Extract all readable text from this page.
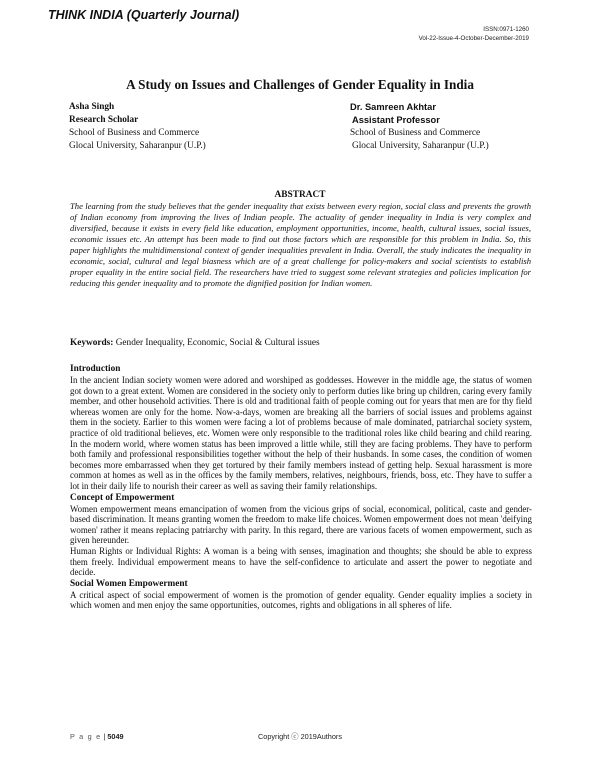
THINK INDIA (Quarterly Journal)
ISSN:0971-1260
Vol-22-Issue-4-October-December-2019
A Study on Issues and Challenges of Gender Equality in India
Asha Singh
Research Scholar
School of Business and Commerce
Glocal University, Saharanpur (U.P.)
Dr. Samreen Akhtar
Assistant Professor
School of Business and Commerce
Glocal University, Saharanpur (U.P.)
ABSTRACT

The learning from the study believes that the gender inequality that exists between every region, social class and prevents the growth of Indian economy from improving the lives of Indian people. The actuality of gender inequality in India is very complex and diversified, because it exists in every field like education, employment opportunities, income, health, cultural issues, social issues, economic issues etc. An attempt has been made to find out those factors which are responsible for this problem in India. So, this paper highlights the multidimensional context of gender inequalities prevalent in India. Overall, the study indicates the inequality in economic, social, cultural and legal biasness which are of a great challenge for policy-makers and social scientists to establish proper equality in the entire social field. The researchers have tried to suggest some relevant strategies and policies implication for reducing this gender inequality and to promote the dignified position for Indian women.

Keywords: Gender Inequality, Economic, Social & Cultural issues
Introduction

In the ancient Indian society women were adored and worshiped as goddesses. However in the middle age, the status of women got down to a great extent. Women are considered in the society only to perform duties like bring up children, caring every family member, and other household activities. There is old and traditional faith of people coming out for years that men are for thy field whereas women are only for the home. Now-a-days, women are breaking all the barriers of social issues and problems against them in the society. Earlier to this women were facing a lot of problems because of male dominated, patriarchal society system, practice of old traditional believes, etc. Women were only responsible to the traditional roles like child bearing and child rearing. In the modern world, where women status has been improved a little while, still they are facing problems. They have to perform both family and professional responsibilities together without the help of their husbands. In some cases, the condition of women becomes more embarrassed when they get tortured by their family members instead of getting help. Sexual harassment is more common at homes as well as in the offices by the family members, relatives, neighbours, friends, boss, etc. They have to suffer a lot in their daily life to nourish their career as well as saving their family relationships.

Concept of Empowerment

Women empowerment means emancipation of women from the vicious grips of social, economical, political, caste and gender-based discrimination. It means granting women the freedom to make life choices. Women empowerment does not mean 'deifying women' rather it means replacing patriarchy with parity. In this regard, there are various facets of women empowerment, such as given hereunder.

Human Rights or Individual Rights: A woman is a being with senses, imagination and thoughts; she should be able to express them freely. Individual empowerment means to have the self-confidence to articulate and assert the power to negotiate and decide.

Social Women Empowerment

A critical aspect of social empowerment of women is the promotion of gender equality. Gender equality implies a society in which women and men enjoy the same opportunities, outcomes, rights and obligations in all spheres of life.

P a g e | 5049	Copyright ⓒ 2019Authors
